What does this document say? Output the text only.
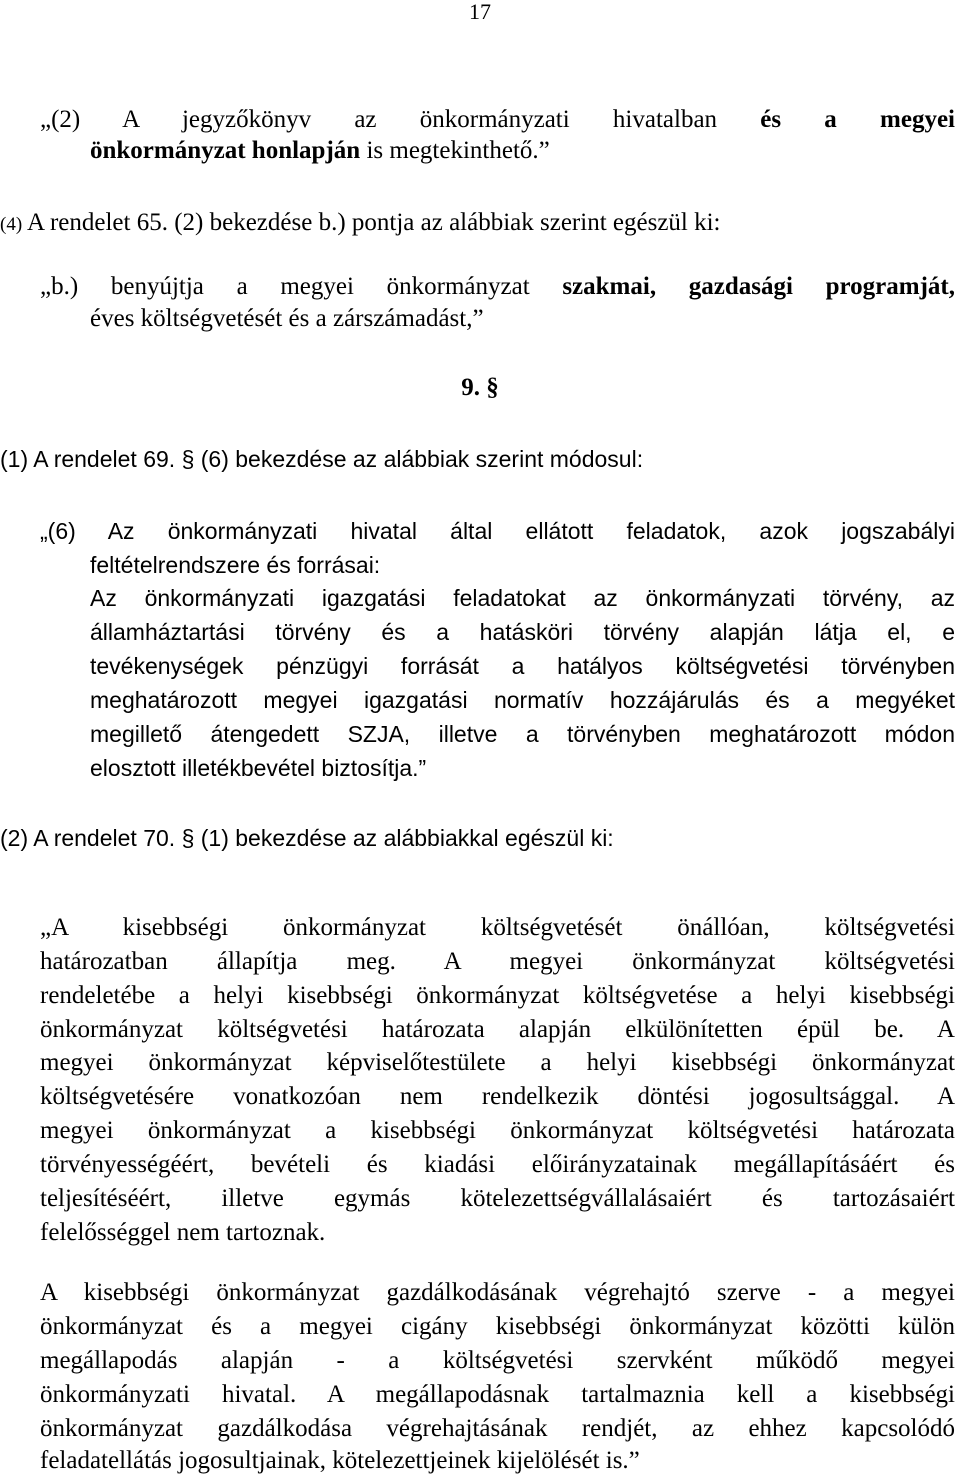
17
„(2) A jegyzőkönyv az önkormányzati hivatalban és a megyei
önkormányzat honlapján is megtekinthető.”
(4) A rendelet 65. (2) bekezdése b.) pontja az alábbiak szerint egészül ki:
„b.) benyújtja a megyei önkormányzat szakmai, gazdasági programját,
éves költségvetését és a zárszámadást,”
9. §
(1) A rendelet 69. § (6) bekezdése az alábbiak szerint módosul:
„(6) Az önkormányzati hivatal által ellátott feladatok, azok jogszabályi
feltételrendszere és forrásai:
Az önkormányzati igazgatási feladatokat az önkormányzati törvény, az
államháztartási törvény és a hatásköri törvény alapján látja el, e
tevékenységek pénzügyi forrását a hatályos költségvetési törvényben
meghatározott megyei igazgatási normatív hozzájárulás és a megyéket
megillető átengedett SZJA, illetve a törvényben meghatározott módon
elosztott illetékbevétel biztosítja.”
(2) A rendelet 70. § (1) bekezdése az alábbiakkal egészül ki:
„A kisebbségi önkormányzat költségvetését önállóan, költségvetési
határozatban állapítja meg. A megyei önkormányzat költségvetési
rendeletébe a helyi kisebbségi önkormányzat költségvetése a helyi kisebbségi
önkormányzat költségvetési határozata alapján elkülönítetten épül be. A
megyei önkormányzat képviselőtestülete a helyi kisebbségi önkormányzat
költségvetésére vonatkozóan nem rendelkezik döntési jogosultsággal. A
megyei önkormányzat a kisebbségi önkormányzat költségvetési határozata
törvényességéért, bevételi és kiadási előirányzatainak megállapításáért és
teljesítéséért, illetve egymás kötelezettségvállalásaiért és tartozásaiért
felelősséggel nem tartoznak.
A kisebbségi önkormányzat gazdálkodásának végrehajtó szerve - a megyei
önkormányzat és a megyei cigány kisebbségi önkormányzat közötti külön
megállapodás alapján - a költségvetési szervként működő megyei
önkormányzati hivatal. A megállapodásnak tartalmaznia kell a kisebbségi
önkormányzat gazdálkodása végrehajtásának rendjét, az ehhez kapcsolódó
feladatellátás jogosultjainak, kötelezettjeinek kijelölését is.”
